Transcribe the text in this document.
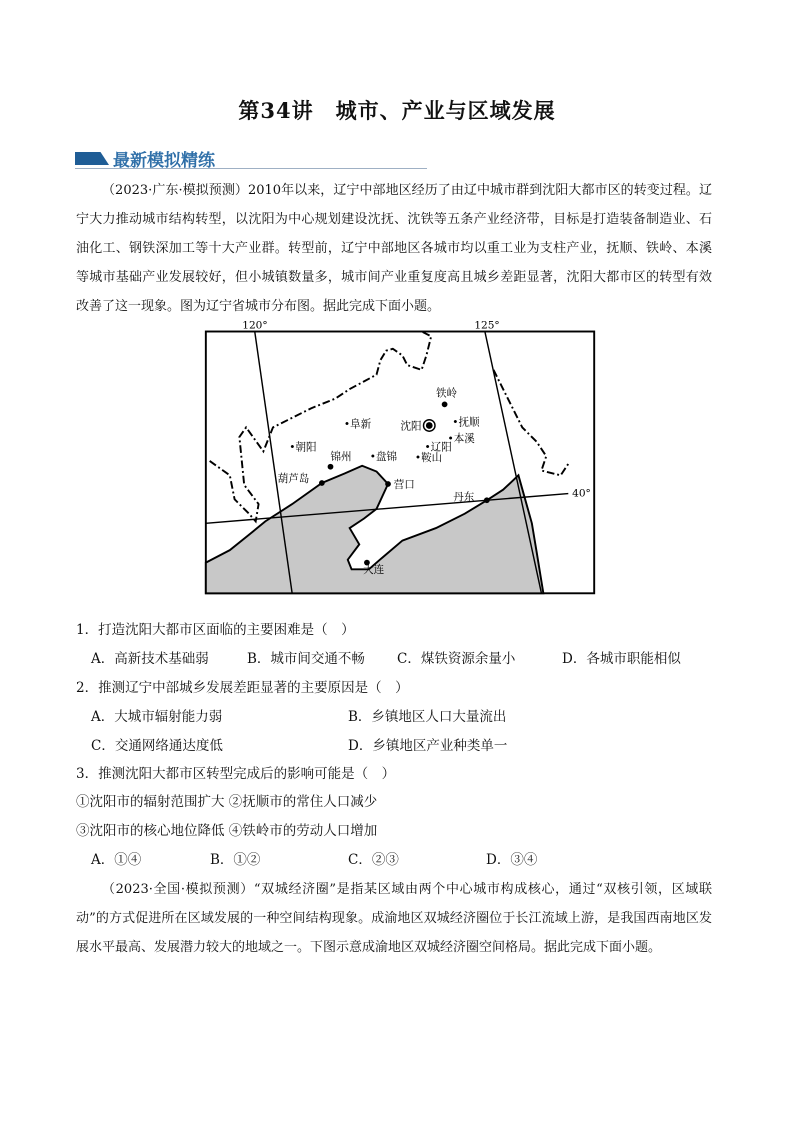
第34讲　城市、产业与区域发展
最新模拟精练
（2023·广东·模拟预测）2010年以来，辽宁中部地区经历了由辽中城市群到沈阳大都市区的转变过程。辽宁大力推动城市结构转型，以沈阳为中心规划建设沈抚、沈铁等五条产业经济带，目标是打造装备制造业、石油化工、钢铁深加工等十大产业群。转型前，辽宁中部地区各城市均以重工业为支柱产业，抚顺、铁岭、本溪等城市基础产业发展较好，但小城镇数量多，城市间产业重复度高且城乡差距显著，沈阳大都市区的转型有效改善了这一现象。图为辽宁省城市分布图。据此完成下面小题。
120°	125°
40°
铁岭
•抚顺
沈阳
•阜新
•本溪
•辽阳
•鞍山
•盘锦
锦州
•朝阳
葫芦岛	营口
丹东
大连
1．打造沈阳大都市区面临的主要困难是（　）
A．高新技术基础弱	B．城市间交通不畅 C．煤铁资源余量小	D．各城市职能相似
2．推测辽宁中部城乡发展差距显著的主要原因是（　）
A．大城市辐射能力弱	B．乡镇地区人口大量流出
C．交通网络通达度低	D．乡镇地区产业种类单一
3．推测沈阳大都市区转型完成后的影响可能是（　）
①沈阳市的辐射范围扩大 ②抚顺市的常住人口减少
③沈阳市的核心地位降低 ④铁岭市的劳动人口增加
A．①④	B．①②	C．②③	D．③④
（2023·全国·模拟预测）“双城经济圈”是指某区域由两个中心城市构成核心，通过“双核引领，区域联动”的方式促进所在区域发展的一种空间结构现象。成渝地区双城经济圈位于长江流域上游，是我国西南地区发展水平最高、发展潜力较大的地域之一。下图示意成渝地区双城经济圈空间格局。据此完成下面小题。
